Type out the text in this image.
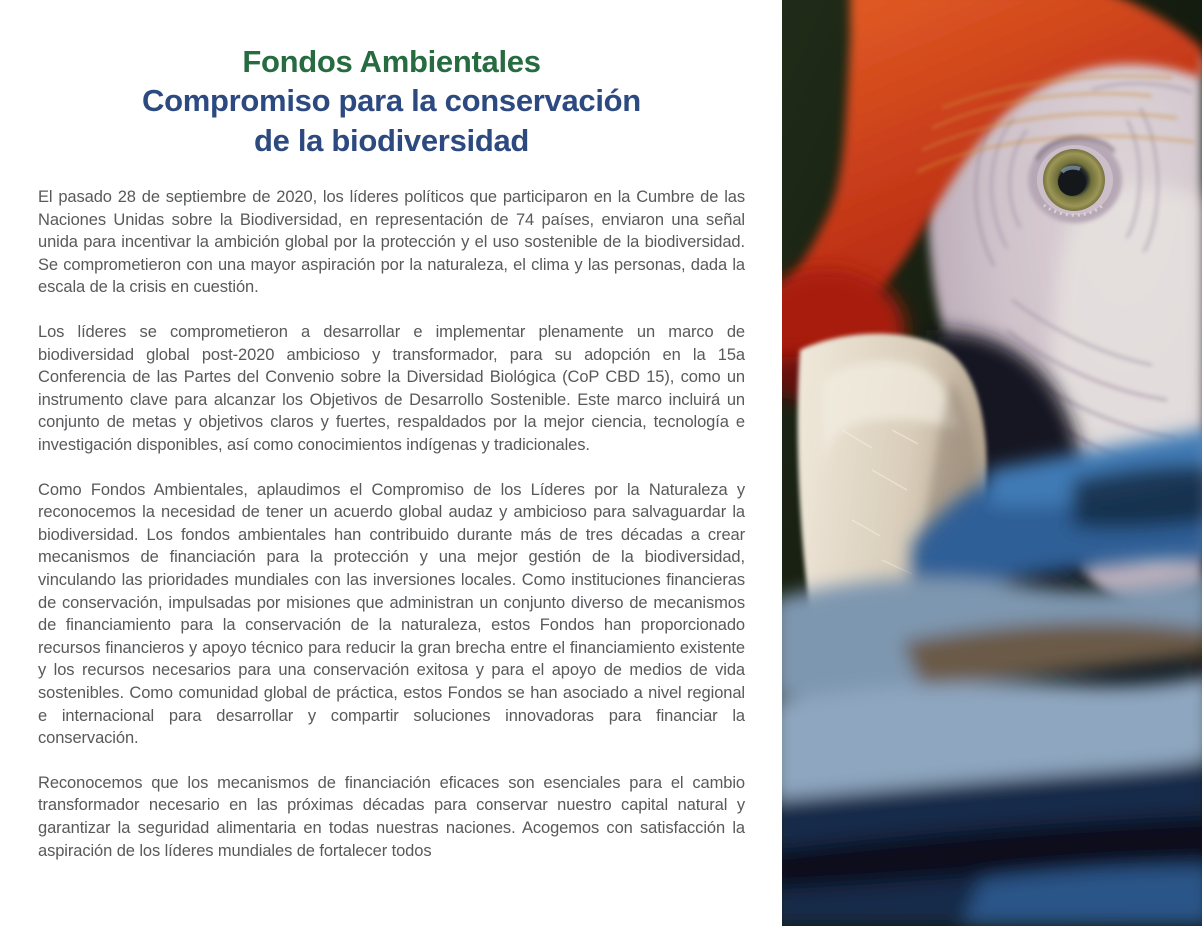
Fondos Ambientales
Compromiso para la conservación
de la biodiversidad

El pasado 28 de septiembre de 2020, los líderes políticos que participaron en la Cumbre de las Naciones Unidas sobre la Biodiversidad, en representación de 74 países, enviaron una señal unida para incentivar la ambición global por la protección y el uso sostenible de la biodiversidad. Se comprometieron con una mayor aspiración por la naturaleza, el clima y las personas, dada la escala de la crisis en cuestión.

Los líderes se comprometieron a desarrollar e implementar plenamente un marco de biodiversidad global post-2020 ambicioso y transformador, para su adopción en la 15a Conferencia de las Partes del Convenio sobre la Diversidad Biológica (CoP CBD 15), como un instrumento clave para alcanzar los Objetivos de Desarrollo Sostenible. Este marco incluirá un conjunto de metas y objetivos claros y fuertes, respaldados por la mejor ciencia, tecnología e investigación disponibles, así como conocimientos indígenas y tradicionales.

Como Fondos Ambientales, aplaudimos el Compromiso de los Líderes por la Naturaleza y reconocemos la necesidad de tener un acuerdo global audaz y ambicioso para salvaguardar la biodiversidad. Los fondos ambientales han contribuido durante más de tres décadas a crear mecanismos de financiación para la protección y una mejor gestión de la biodiversidad, vinculando las prioridades mundiales con las inversiones locales. Como instituciones financieras de conservación, impulsadas por misiones que administran un conjunto diverso de mecanismos de financiamiento para la conservación de la naturaleza, estos Fondos han proporcionado recursos financieros y apoyo técnico para reducir la gran brecha entre el financiamiento existente y los recursos necesarios para una conservación exitosa y para el apoyo de medios de vida sostenibles. Como comunidad global de práctica, estos Fondos se han asociado a nivel regional e internacional para desarrollar y compartir soluciones innovadoras para financiar la conservación.

Reconocemos que los mecanismos de financiación eficaces son esenciales para el cambio transformador necesario en las próximas décadas para conservar nuestro capital natural y garantizar la seguridad alimentaria en todas nuestras naciones. Acogemos con satisfacción la aspiración de los líderes mundiales de fortalecer todos
